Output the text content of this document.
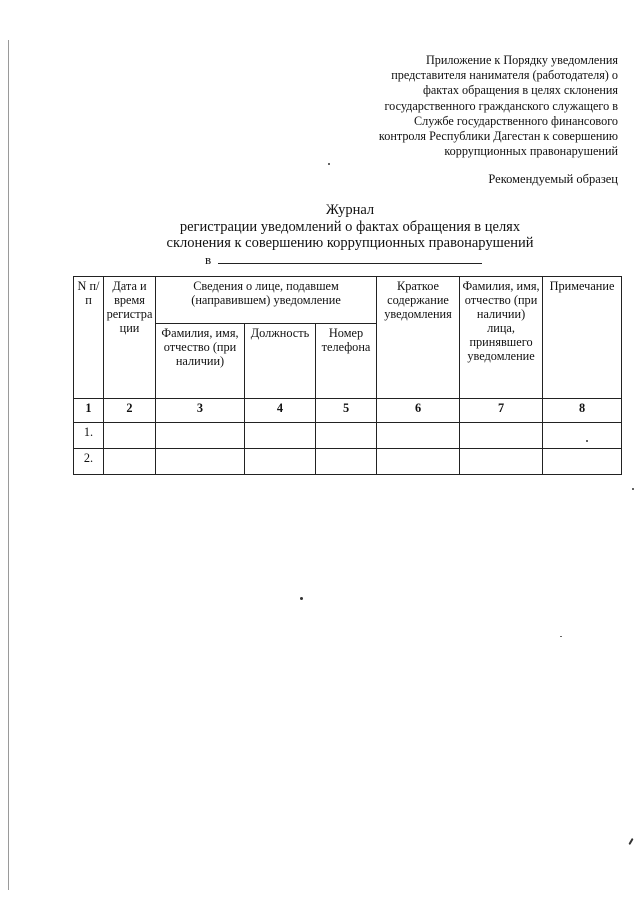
Приложение к Порядку уведомления
представителя нанимателя (работодателя) о
фактах обращения в целях склонения
государственного гражданского служащего в
Службе государственного финансового
контроля Республики Дагестан к совершению
коррупционных правонарушений
Рекомендуемый образец
Журнал
регистрации уведомлений о фактах обращения в целях
склонения к совершению коррупционных правонарушений
в
N п/п	Дата и время регистра ции	Сведения о лице, подавшем (направившем) уведомление			Краткое содержание уведомления	Фамилия, имя, отчество (при наличии) лица, принявшего уведомление	Примечание
		Фамилия, имя, отчество (при наличии)	Должность	Номер телефона			
1	2	3	4	5	6	7	8
1.							
2.							
